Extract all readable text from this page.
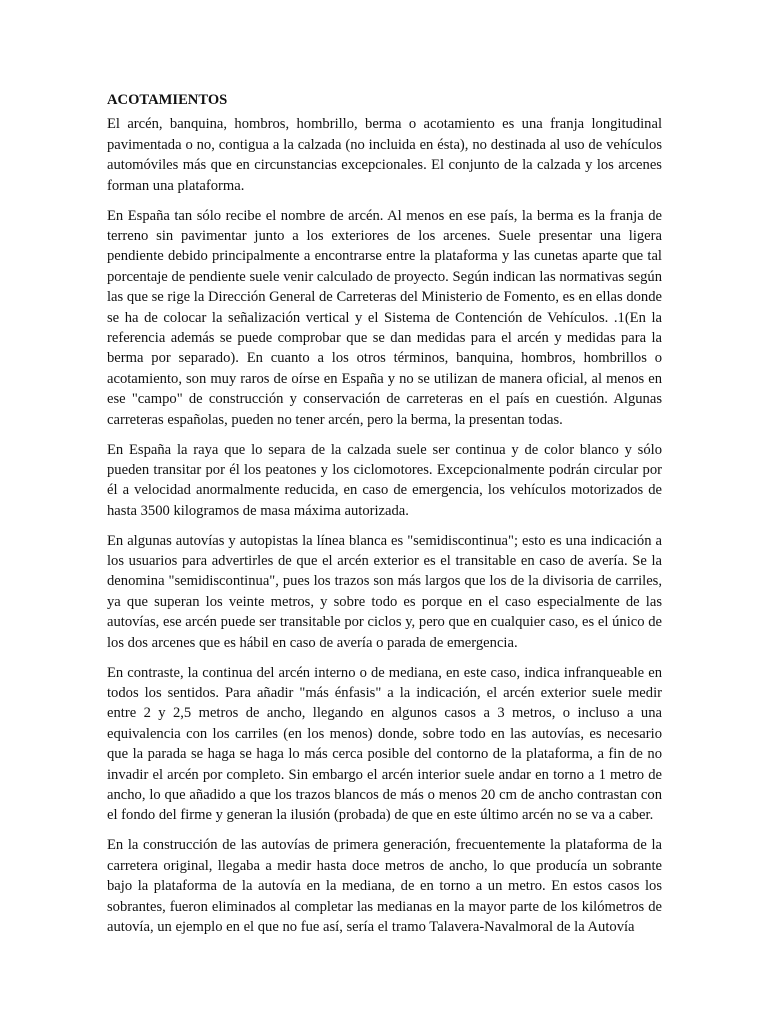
ACOTAMIENTOS

El arcén, banquina, hombros, hombrillo, berma o acotamiento es una franja longitudinal pavimentada o no, contigua a la calzada (no incluida en ésta), no destinada al uso de vehículos automóviles más que en circunstancias excepcionales. El conjunto de la calzada y los arcenes forman una plataforma.

En España tan sólo recibe el nombre de arcén. Al menos en ese país, la berma es la franja de terreno sin pavimentar junto a los exteriores de los arcenes. Suele presentar una ligera pendiente debido principalmente a encontrarse entre la plataforma y las cunetas aparte que tal porcentaje de pendiente suele venir calculado de proyecto. Según indican las normativas según las que se rige la Dirección General de Carreteras del Ministerio de Fomento, es en ellas donde se ha de colocar la señalización vertical y el Sistema de Contención de Vehículos. .1(En la referencia además se puede comprobar que se dan medidas para el arcén y medidas para la berma por separado). En cuanto a los otros términos, banquina, hombros, hombrillos o acotamiento, son muy raros de oírse en España y no se utilizan de manera oficial, al menos en ese "campo" de construcción y conservación de carreteras en el país en cuestión. Algunas carreteras españolas, pueden no tener arcén, pero la berma, la presentan todas.

En España la raya que lo separa de la calzada suele ser continua y de color blanco y sólo pueden transitar por él los peatones y los ciclomotores. Excepcionalmente podrán circular por él a velocidad anormalmente reducida, en caso de emergencia, los vehículos motorizados de hasta 3500 kilogramos de masa máxima autorizada.

En algunas autovías y autopistas la línea blanca es "semidiscontinua"; esto es una indicación a los usuarios para advertirles de que el arcén exterior es el transitable en caso de avería. Se la denomina "semidiscontinua", pues los trazos son más largos que los de la divisoria de carriles, ya que superan los veinte metros, y sobre todo es porque en el caso especialmente de las autovías, ese arcén puede ser transitable por ciclos y, pero que en cualquier caso, es el único de los dos arcenes que es hábil en caso de avería o parada de emergencia.

En contraste, la continua del arcén interno o de mediana, en este caso, indica infranqueable en todos los sentidos. Para añadir "más énfasis" a la indicación, el arcén exterior suele medir entre 2 y 2,5 metros de ancho, llegando en algunos casos a 3 metros, o incluso a una equivalencia con los carriles (en los menos) donde, sobre todo en las autovías, es necesario que la parada se haga se haga lo más cerca posible del contorno de la plataforma, a fin de no invadir el arcén por completo. Sin embargo el arcén interior suele andar en torno a 1 metro de ancho, lo que añadido a que los trazos blancos de más o menos 20 cm de ancho contrastan con el fondo del firme y generan la ilusión (probada) de que en este último arcén no se va a caber.

En la construcción de las autovías de primera generación, frecuentemente la plataforma de la carretera original, llegaba a medir hasta doce metros de ancho, lo que producía un sobrante bajo la plataforma de la autovía en la mediana, de en torno a un metro. En estos casos los sobrantes, fueron eliminados al completar las medianas en la mayor parte de los kilómetros de autovía, un ejemplo en el que no fue así, sería el tramo Talavera-Navalmoral de la Autovía
